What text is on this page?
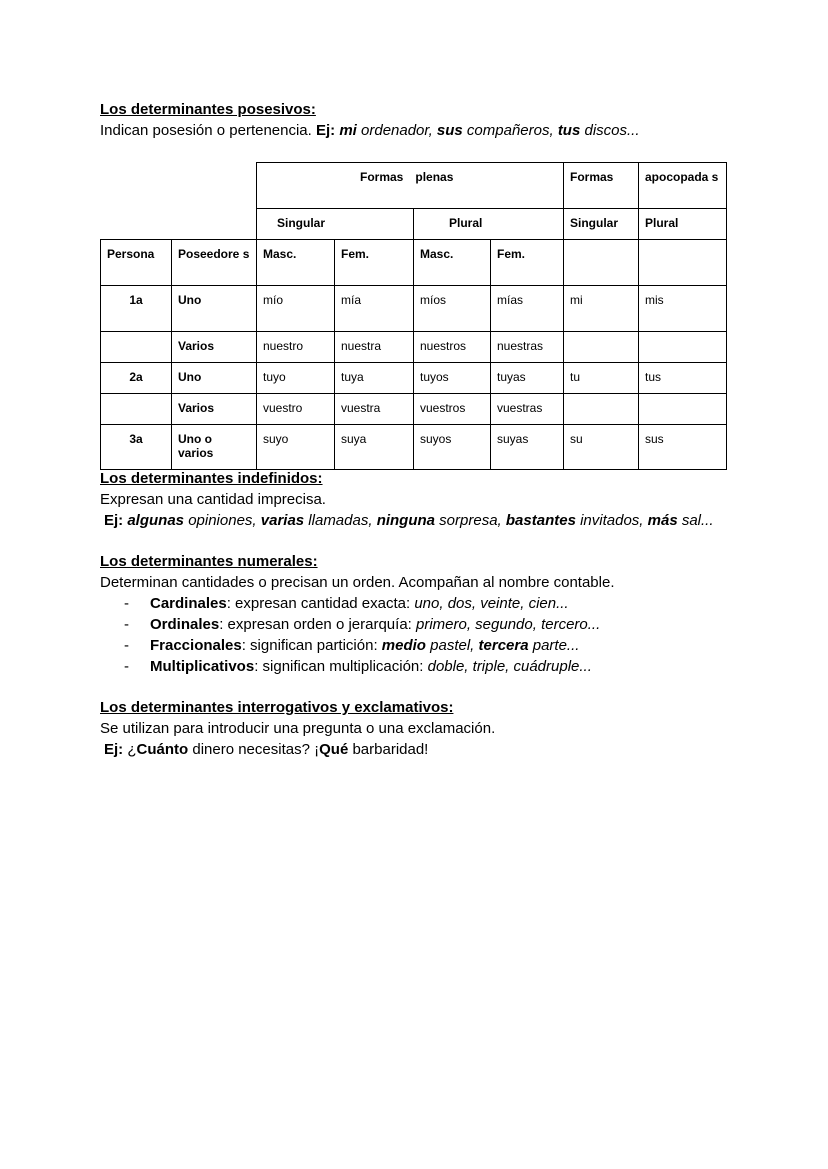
Los determinantes posesivos:
Indican posesión o pertenencia. Ej: mi ordenador, sus compañeros, tus discos...
		Formas plenas				Formas	apocopada s
		Singular		Plural		Singular	Plural
Persona	Poseedore s	Masc.	Fem.	Masc.	Fem.		
1a	Uno	mío	mía	míos	mías	mi	mis
	Varios	nuestro	nuestra	nuestros	nuestras		
2a	Uno	tuyo	tuya	tuyos	tuyas	tu	tus
	Varios	vuestro	vuestra	vuestros	vuestras		
3a	Uno o varios	suyo	suya	suyos	suyas	su	sus
Los determinantes indefinidos:
Expresan una cantidad imprecisa.
Ej: algunas opiniones, varias llamadas, ninguna sorpresa, bastantes invitados, más sal...
Los determinantes numerales:
Determinan cantidades o precisan un orden. Acompañan al nombre contable.
- Cardinales: expresan cantidad exacta: uno, dos, veinte, cien...
- Ordinales: expresan orden o jerarquía: primero, segundo, tercero...
- Fraccionales: significan partición: medio pastel, tercera parte...
- Multiplicativos: significan multiplicación: doble, triple, cuádruple...
Los determinantes interrogativos y exclamativos:
Se utilizan para introducir una pregunta o una exclamación.
Ej: ¿Cuánto dinero necesitas? ¡Qué barbaridad!
